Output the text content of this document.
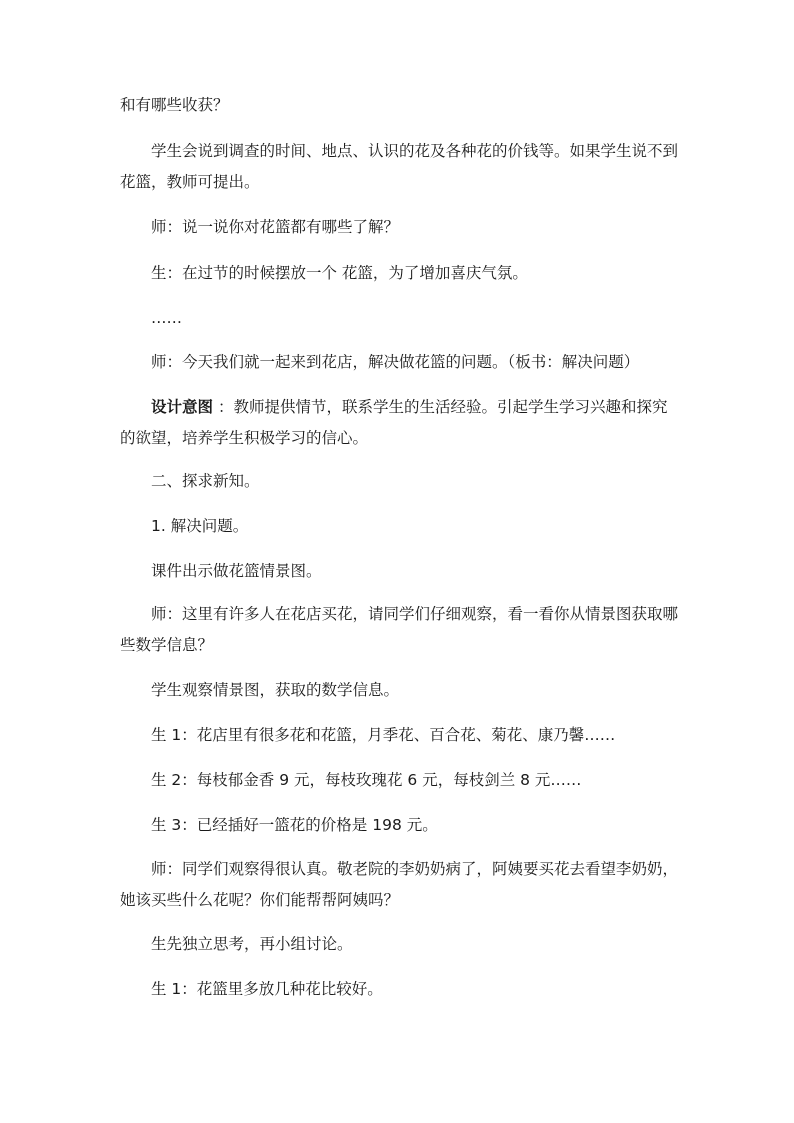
和有哪些收获？

学生会说到调查的时间、地点、认识的花及各种花的价钱等。如果学生说不到花篮，教师可提出。

师：说一说你对花篮都有哪些了解？

生：在过节的时候摆放一个 花篮，为了增加喜庆气氛。

……

师：今天我们就一起来到花店，解决做花篮的问题。（板书：解决问题）

设计意图 ：教师提供情节，联系学生的生活经验。引起学生学习兴趣和探究的欲望，培养学生积极学习的信心。

二、探求新知。

1. 解决问题。

课件出示做花篮情景图。

师：这里有许多人在花店买花，请同学们仔细观察，看一看你从情景图获取哪些数学信息？

学生观察情景图，获取的数学信息。

生 1：花店里有很多花和花篮，月季花、百合花、菊花、康乃馨……

生 2：每枝郁金香 9 元，每枝玫瑰花 6 元，每枝剑兰 8 元……

生 3：已经插好一篮花的价格是 198 元。

师：同学们观察得很认真。敬老院的李奶奶病了，阿姨要买花去看望李奶奶，她该买些什么花呢？你们能帮帮阿姨吗？

生先独立思考，再小组讨论。

生 1：花篮里多放几种花比较好。
